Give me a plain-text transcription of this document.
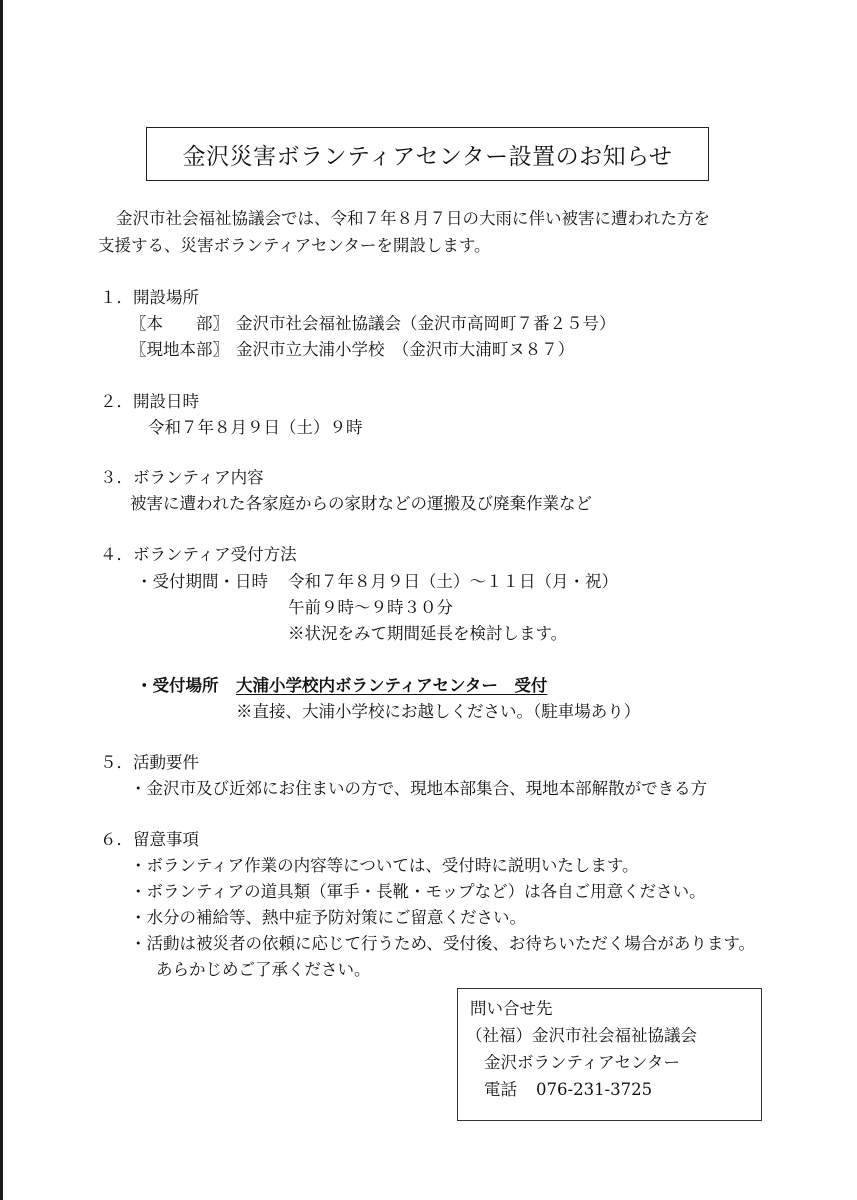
金沢災害ボランティアセンター設置のお知らせ
金沢市社会福祉協議会では、令和７年８月７日の大雨に伴い被害に遭われた方を
支援する、災害ボランティアセンターを開設します。
１．開設場所
〖本　　部〗 金沢市社会福祉協議会（金沢市高岡町７番２５号）
〖現地本部〗 金沢市立大浦小学校　（金沢市大浦町ヌ８７）
２．開設日時
令和７年８月９日（土）９時
３．ボランティア内容
被害に遭われた各家庭からの家財などの運搬及び廃棄作業など
４．ボランティア受付方法
・受付期間・日時 令和７年８月９日（土）～１１日（月・祝）
午前９時～９時３０分
※状況をみて期間延長を検討します。
・受付場所 大浦小学校内ボランティアセンター　受付
※直接、大浦小学校にお越しください。（駐車場あり）
５．活動要件
・金沢市及び近郊にお住まいの方で、現地本部集合、現地本部解散ができる方
６．留意事項
・ボランティア作業の内容等については、受付時に説明いたします。
・ボランティアの道具類（軍手・長靴・モップなど）は各自ご用意ください。
・水分の補給等、熱中症予防対策にご留意ください。
・活動は被災者の依頼に応じて行うため、受付後、お待ちいただく場合があります。
あらかじめご了承ください。
問い合せ先
（社福）金沢市社会福祉協議会
金沢ボランティアセンター
電話 076-231-3725
